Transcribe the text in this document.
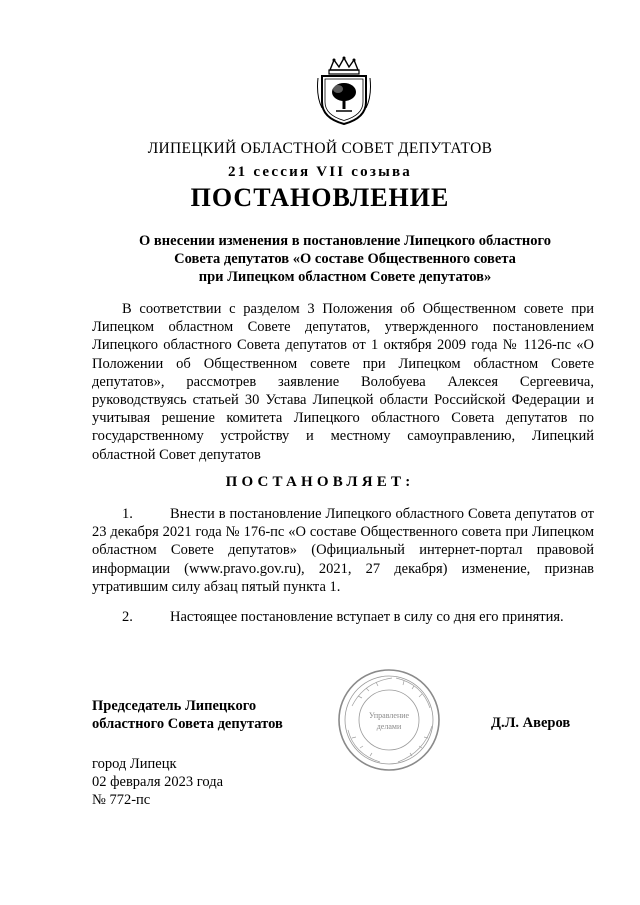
ЛИПЕЦКИЙ ОБЛАСТНОЙ СОВЕТ ДЕПУТАТОВ
21 сессия VII созыва
ПОСТАНОВЛЕНИЕ
О внесении изменения в постановление Липецкого областного
Совета депутатов «О составе Общественного совета
при Липецком областном Совете депутатов»
В соответствии с разделом 3 Положения об Общественном совете при Липецком областном Совете депутатов, утвержденного постановлением Липецкого областного Совета депутатов от 1 октября 2009 года № 1126-пс «О Положении об Общественном совете при Липецком областном Совете депутатов», рассмотрев заявление Волобуева Алексея Сергеевича, руководствуясь статьей 30 Устава Липецкой области Российской Федерации и учитывая решение комитета Липецкого областного Совета депутатов по государственному устройству и местному самоуправлению, Липецкий областной Совет депутатов
ПОСТАНОВЛЯЕТ:
1.	Внести в постановление Липецкого областного Совета депутатов от 23 декабря 2021 года № 176-пс «О составе Общественного совета при Липецком областном Совете депутатов» (Официальный интернет-портал правовой информации (www.pravo.gov.ru), 2021, 27 декабря) изменение, признав утратившим силу абзац пятый пункта 1.
2.	Настоящее постановление вступает в силу со дня его принятия.
Председатель Липецкого
областного Совета депутатов
Управление
делами	Д.Л. Аверов
город Липецк
02 февраля 2023 года
№ 772-пс
